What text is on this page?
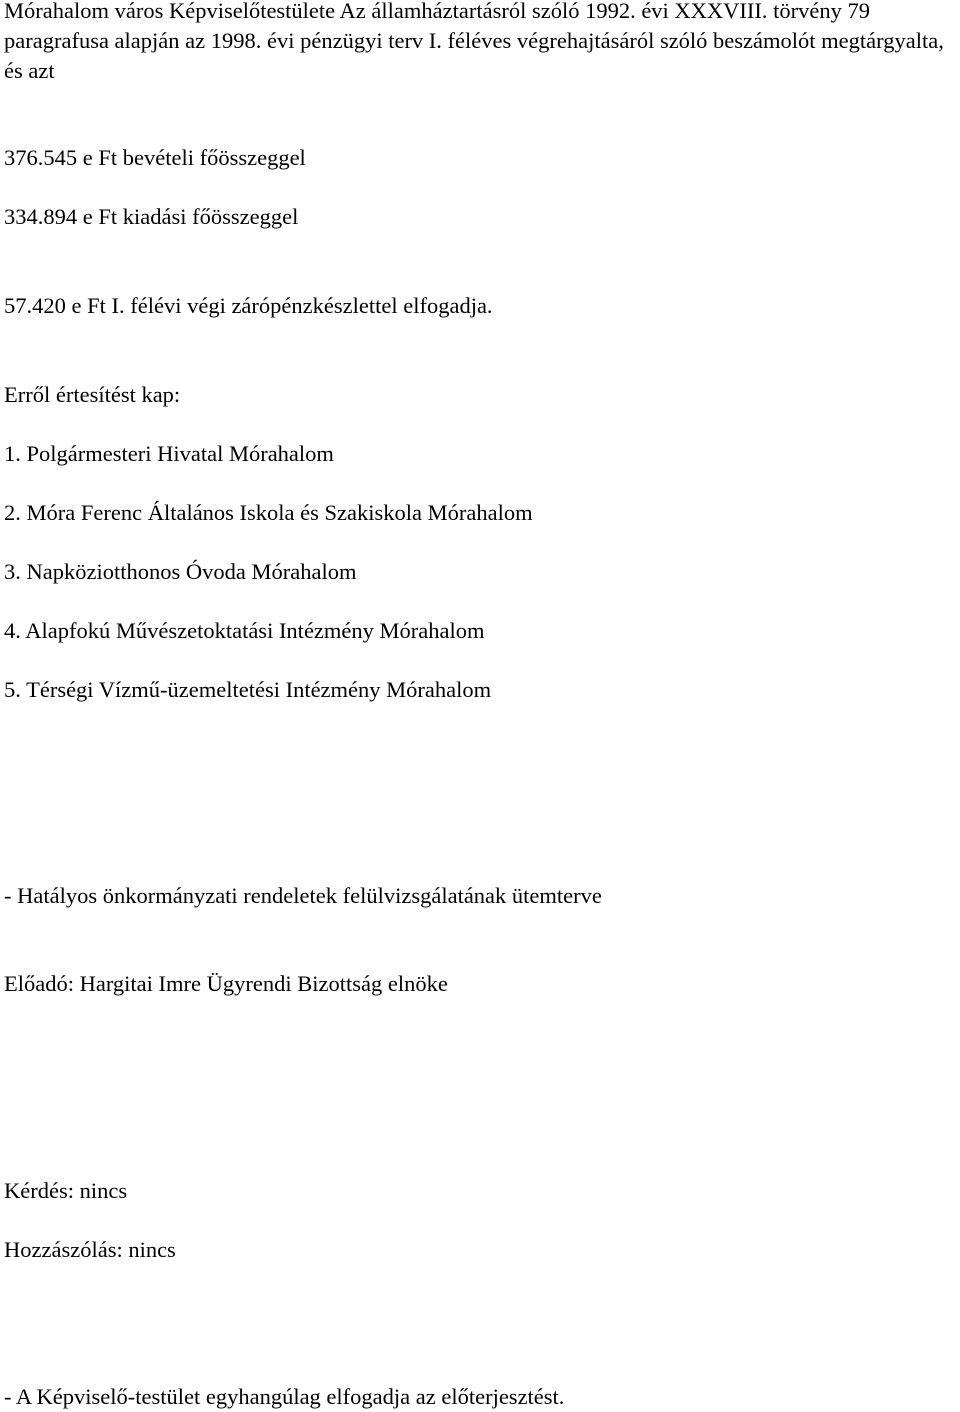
Mórahalom város Képviselőtestülete Az államháztartásról szóló 1992. évi XXXVIII. törvény 79 paragrafusa alapján az 1998. évi pénzügyi terv I. féléves végrehajtásáról szóló beszámolót megtárgyalta, és azt
376.545 e Ft bevételi főösszeggel
334.894 e Ft kiadási főösszeggel
57.420 e Ft I. félévi végi zárópénzkészlettel elfogadja.
Erről értesítést kap:
1. Polgármesteri Hivatal Mórahalom
2. Móra Ferenc Általános Iskola és Szakiskola Mórahalom
3. Napköziotthonos Óvoda Mórahalom
4. Alapfokú Művészetoktatási Intézmény Mórahalom
5. Térségi Vízmű-üzemeltetési Intézmény Mórahalom
- Hatályos önkormányzati rendeletek felülvizsgálatának ütemterve
Előadó: Hargitai Imre Ügyrendi Bizottság elnöke
Kérdés: nincs
Hozzászólás: nincs
- A Képviselő-testület egyhangúlag elfogadja az előterjesztést.
